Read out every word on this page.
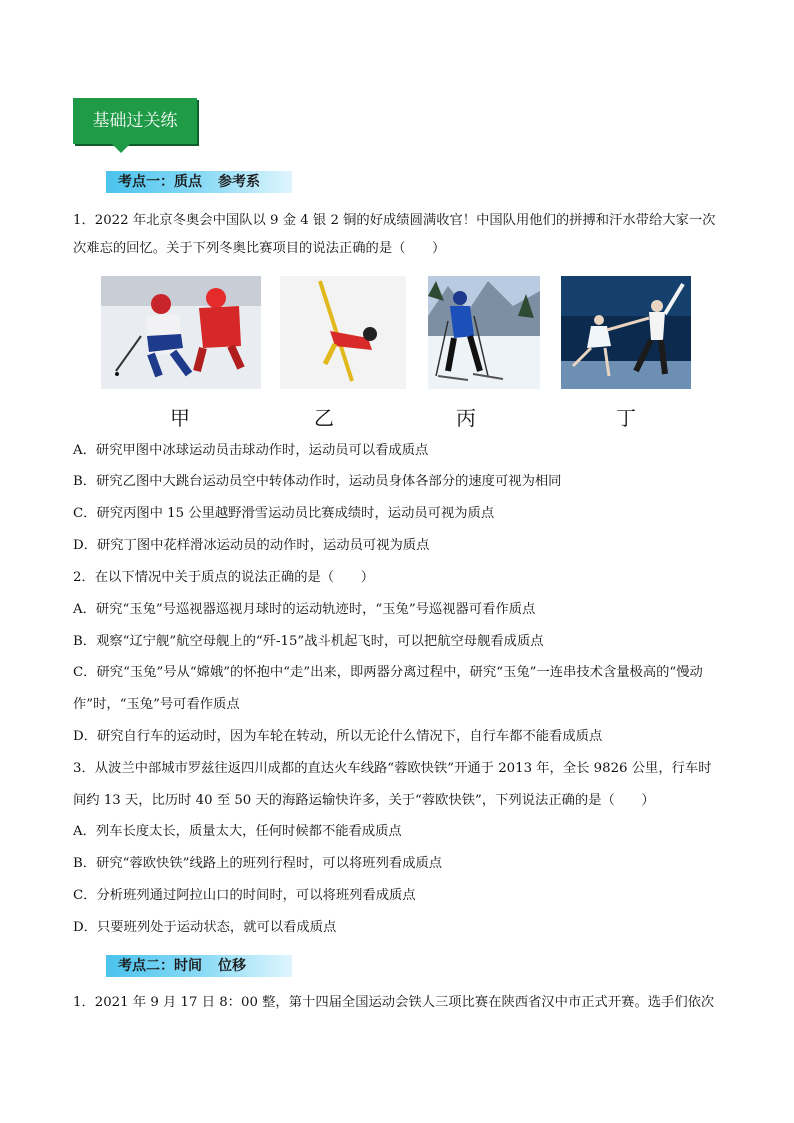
基础过关练
考点一：质点 参考系
1．2022 年北京冬奥会中国队以 9 金 4 银 2 铜的好成绩圆满收官！中国队用他们的拼搏和汗水带给大家一次
次难忘的回忆。关于下列冬奥比赛项目的说法正确的是（　　）
甲	乙	丙	丁
A．研究甲图中冰球运动员击球动作时，运动员可以看成质点
B．研究乙图中大跳台运动员空中转体动作时，运动员身体各部分的速度可视为相同
C．研究丙图中 15 公里越野滑雪运动员比赛成绩时，运动员可视为质点
D．研究丁图中花样滑冰运动员的动作时，运动员可视为质点
2．在以下情况中关于质点的说法正确的是（　　）
A．研究“玉兔”号巡视器巡视月球时的运动轨迹时，“玉兔”号巡视器可看作质点
B．观察“辽宁舰”航空母舰上的“歼-15”战斗机起飞时，可以把航空母舰看成质点
C．研究“玉兔”号从“嫦娥”的怀抱中“走”出来，即两器分离过程中，研究“玉兔”一连串技术含量极高的“慢动
作”时，“玉兔”号可看作质点
D．研究自行车的运动时，因为车轮在转动，所以无论什么情况下，自行车都不能看成质点
3．从波兰中部城市罗兹往返四川成都的直达火车线路“蓉欧快铁”开通于 2013 年，全长 9826 公里，行车时
间约 13 天，比历时 40 至 50 天的海路运输快许多，关于“蓉欧快铁”，下列说法正确的是（　　）
A．列车长度太长，质量太大，任何时候都不能看成质点
B．研究“蓉欧快铁”线路上的班列行程时，可以将班列看成质点
C．分析班列通过阿拉山口的时间时，可以将班列看成质点
D．只要班列处于运动状态，就可以看成质点
考点二：时间 位移
1．2021 年 9 月 17 日 8：00 整，第十四届全国运动会铁人三项比赛在陕西省汉中市正式开赛。选手们依次
